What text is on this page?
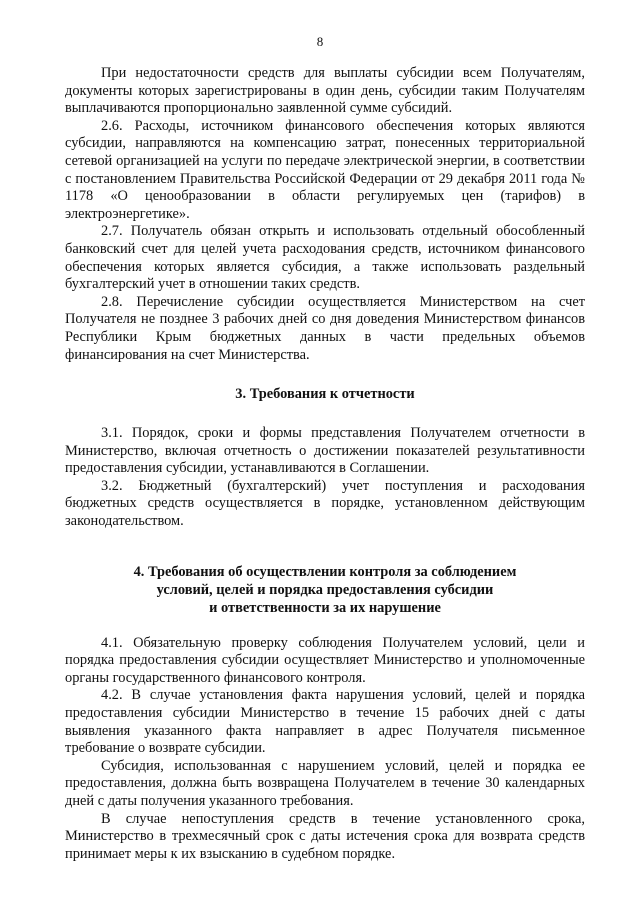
8

При недостаточности средств для выплаты субсидии всем Получателям, документы которых зарегистрированы в один день, субсидии таким Получателям выплачиваются пропорционально заявленной сумме субсидий.

2.6. Расходы, источником финансового обеспечения которых являются субсидии, направляются на компенсацию затрат, понесенных территориальной сетевой организацией на услуги по передаче электрической энергии, в соответствии с постановлением Правительства Российской Федерации от 29 декабря 2011 года № 1178 «О ценообразовании в области регулируемых цен (тарифов) в электроэнергетике».

2.7. Получатель обязан открыть и использовать отдельный обособленный банковский счет для целей учета расходования средств, источником финансового обеспечения которых является субсидия, а также использовать раздельный бухгалтерский учет в отношении таких средств.

2.8. Перечисление субсидии осуществляется Министерством на счет Получателя не позднее 3 рабочих дней со дня доведения Министерством финансов Республики Крым бюджетных данных в части предельных объемов финансирования на счет Министерства.

3. Требования к отчетности

3.1. Порядок, сроки и формы представления Получателем отчетности в Министерство, включая отчетность о достижении показателей результативности предоставления субсидии, устанавливаются в Соглашении.

3.2. Бюджетный (бухгалтерский) учет поступления и расходования бюджетных средств осуществляется в порядке, установленном действующим законодательством.

4. Требования об осуществлении контроля за соблюдением
условий, целей и порядка предоставления субсидии
и ответственности за их нарушение

4.1. Обязательную проверку соблюдения Получателем условий, цели и порядка предоставления субсидии осуществляет Министерство и уполномоченные органы государственного финансового контроля.

4.2. В случае установления факта нарушения условий, целей и порядка предоставления субсидии Министерство в течение 15 рабочих дней с даты выявления указанного факта направляет в адрес Получателя письменное требование о возврате субсидии.

Субсидия, использованная с нарушением условий, целей и порядка ее предоставления, должна быть возвращена Получателем в течение 30 календарных дней с даты получения указанного требования.

В случае непоступления средств в течение установленного срока, Министерство в трехмесячный срок с даты истечения срока для возврата средств принимает меры к их взысканию в судебном порядке.
